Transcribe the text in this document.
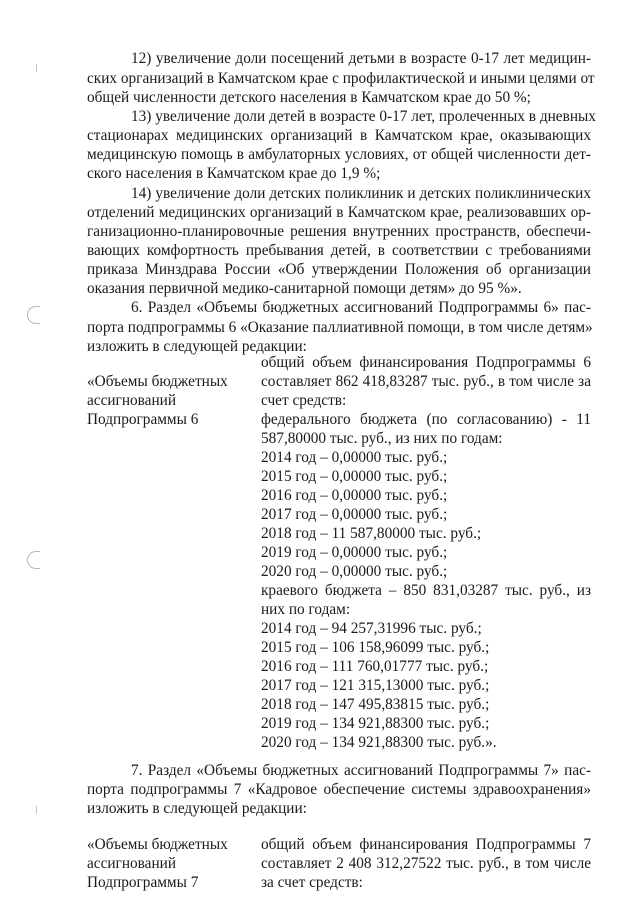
12) увеличение доли посещений детьми в возрасте 0-17 лет медицин-
ских организаций в Камчатском крае с профилактической и иными целями от
общей численности детского населения в Камчатском крае до 50 %;
13) увеличение доли детей в возрасте 0-17 лет, пролеченных в дневных
стационарах медицинских организаций в Камчатском крае, оказывающих
медицинскую помощь в амбулаторных условиях, от общей численности дет-
ского населения в Камчатском крае до 1,9 %;
14) увеличение доли детских поликлиник и детских поликлинических
отделений медицинских организаций в Камчатском крае, реализовавших ор-
ганизационно-планировочные решения внутренних пространств, обеспечи-
вающих комфортность пребывания детей, в соответствии с требованиями
приказа Минздрава России «Об утверждении Положения об организации
оказания первичной медико-санитарной помощи детям» до 95 %».
6. Раздел «Объемы бюджетных ассигнований Подпрограммы 6» пас-
порта подпрограммы 6 «Оказание паллиативной помощи, в том числе детям»
изложить в следующей редакции:
«Объемы бюджетных
ассигнований
Подпрограммы 6
общий объем финансирования Подпрограммы 6
составляет 862 418,83287 тыс. руб., в том числе за
счет средств:
федерального бюджета (по согласованию) - 11
587,80000 тыс. руб., из них по годам:
2014 год – 0,00000 тыс. руб.;
2015 год – 0,00000 тыс. руб.;
2016 год – 0,00000 тыс. руб.;
2017 год – 0,00000 тыс. руб.;
2018 год – 11 587,80000 тыс. руб.;
2019 год – 0,00000 тыс. руб.;
2020 год – 0,00000 тыс. руб.;
краевого бюджета – 850 831,03287 тыс. руб., из
них по годам:
2014 год – 94 257,31996 тыс. руб.;
2015 год – 106 158,96099 тыс. руб.;
2016 год – 111 760,01777 тыс. руб.;
2017 год – 121 315,13000 тыс. руб.;
2018 год – 147 495,83815 тыс. руб.;
2019 год – 134 921,88300 тыс. руб.;
2020 год – 134 921,88300 тыс. руб.».
7. Раздел «Объемы бюджетных ассигнований Подпрограммы 7» пас-
порта подпрограммы 7 «Кадровое обеспечение системы здравоохранения»
изложить в следующей редакции:
«Объемы бюджетных
ассигнований
Подпрограммы 7
общий объем финансирования Подпрограммы 7
составляет 2 408 312,27522 тыс. руб., в том числе
за счет средств:
